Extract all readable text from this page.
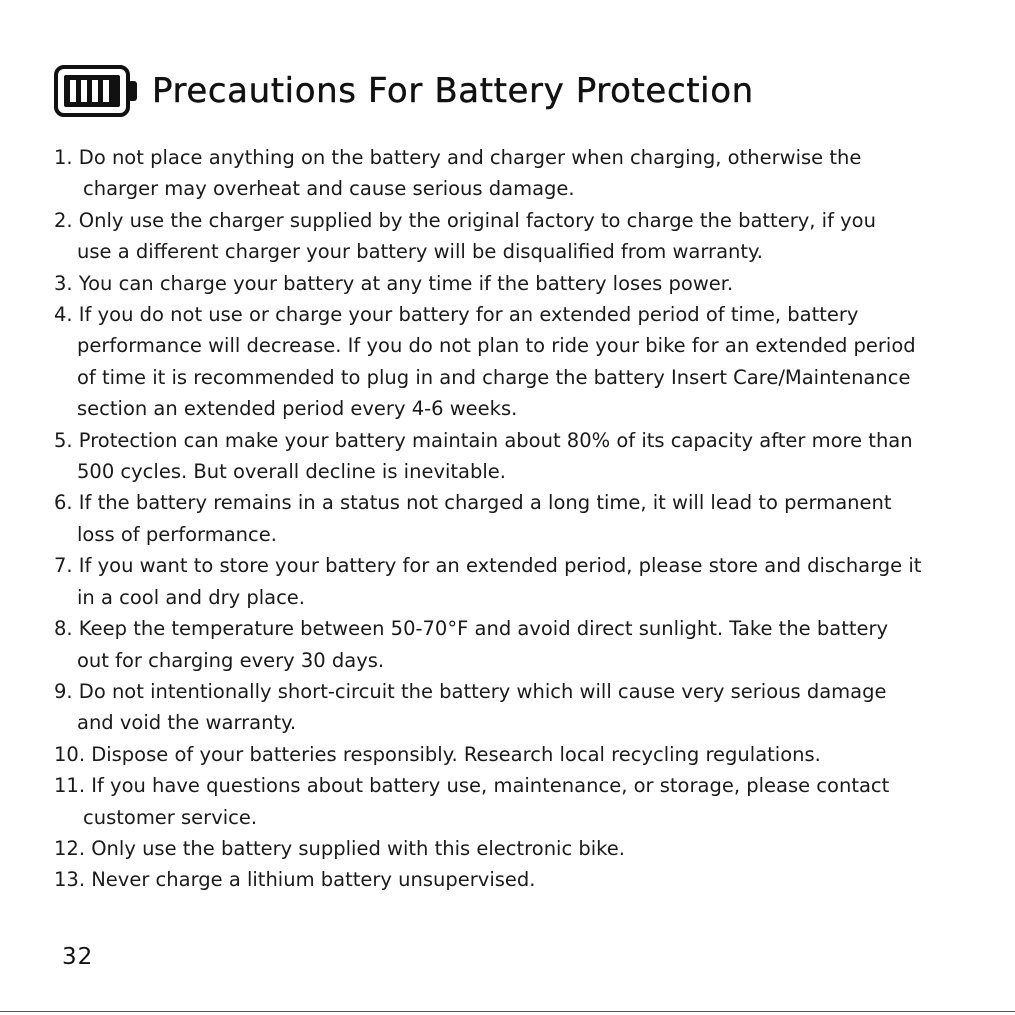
Precautions For Battery Protection
1. Do not place anything on the battery and charger when charging, otherwise the
charger may overheat and cause serious damage.
2. Only use the charger supplied by the original factory to charge the battery, if you
use a different charger your battery will be disqualified from warranty.
3. You can charge your battery at any time if the battery loses power.
4. If you do not use or charge your battery for an extended period of time, battery
performance will decrease. If you do not plan to ride your bike for an extended period
of time it is recommended to plug in and charge the battery Insert Care/Maintenance
section an extended period every 4-6 weeks.
5. Protection can make your battery maintain about 80% of its capacity after more than
500 cycles. But overall decline is inevitable.
6. If the battery remains in a status not charged a long time, it will lead to permanent
loss of performance.
7. If you want to store your battery for an extended period, please store and discharge it
in a cool and dry place.
8. Keep the temperature between 50-70°F and avoid direct sunlight. Take the battery
out for charging every 30 days.
9. Do not intentionally short-circuit the battery which will cause very serious damage
and void the warranty.
10. Dispose of your batteries responsibly. Research local recycling regulations.
11. If you have questions about battery use, maintenance, or storage, please contact
customer service.
12. Only use the battery supplied with this electronic bike.
13. Never charge a lithium battery unsupervised.
32
